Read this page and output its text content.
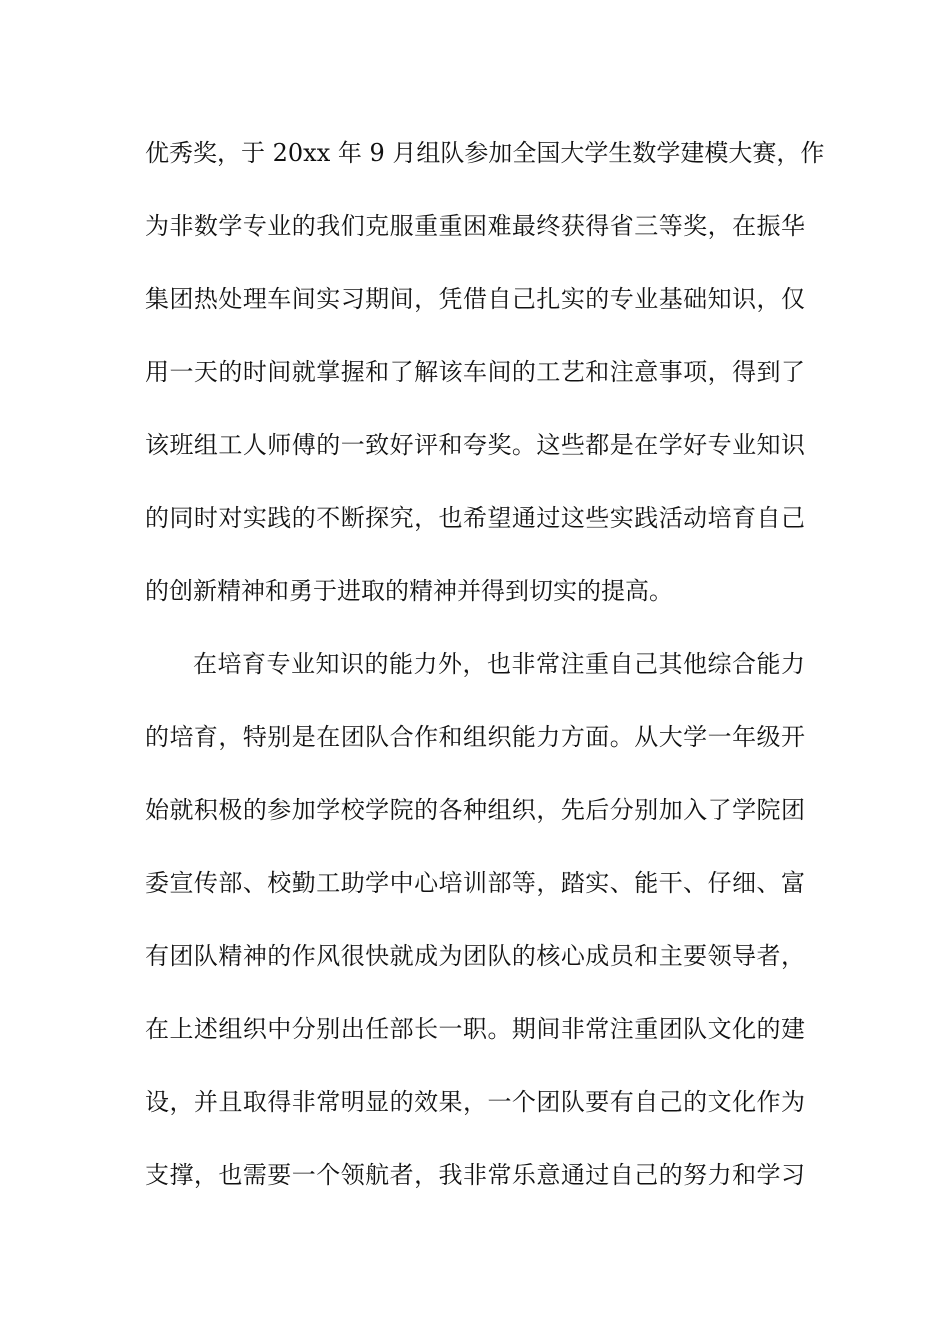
优秀奖，于 20xx 年 9 月组队参加全国大学生数学建模大赛，作
为非数学专业的我们克服重重困难最终获得省三等奖，在振华
集团热处理车间实习期间，凭借自己扎实的专业基础知识，仅
用一天的时间就掌握和了解该车间的工艺和注意事项，得到了
该班组工人师傅的一致好评和夸奖。这些都是在学好专业知识
的同时对实践的不断探究，也希望通过这些实践活动培育自己
的创新精神和勇于进取的精神并得到切实的提高。
在培育专业知识的能力外，也非常注重自己其他综合能力
的培育，特别是在团队合作和组织能力方面。从大学一年级开
始就积极的参加学校学院的各种组织，先后分别加入了学院团
委宣传部、校勤工助学中心培训部等，踏实、能干、仔细、富
有团队精神的作风很快就成为团队的核心成员和主要领导者，
在上述组织中分别出任部长一职。期间非常注重团队文化的建
设，并且取得非常明显的效果，一个团队要有自己的文化作为
支撑，也需要一个领航者，我非常乐意通过自己的努力和学习
